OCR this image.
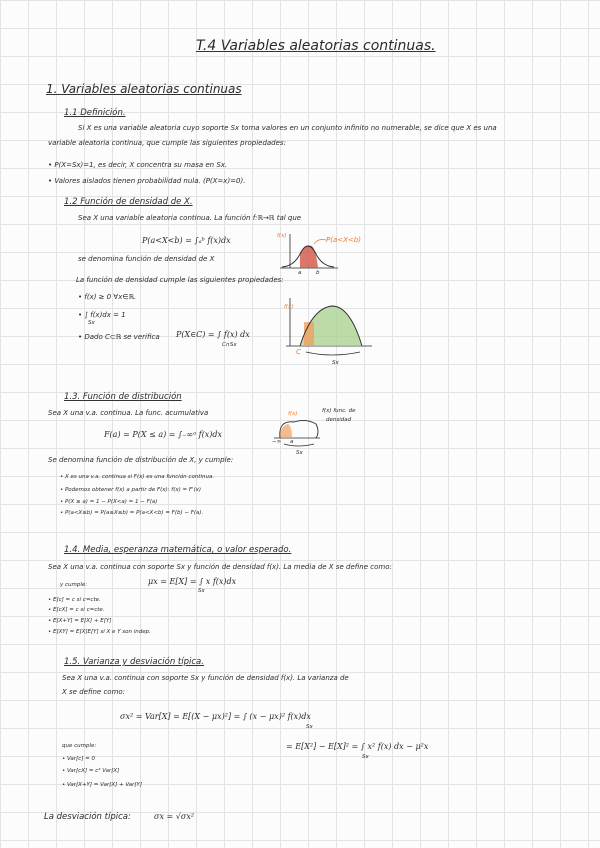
T.4 Variables aleatorias continuas.
1. Variables aleatorias continuas
1.1 Definición.
Si X es una variable aleatoria cuyo soporte Sx toma valores en un conjunto infinito no numerable, se dice que X es una
variable aleatoria continua, que cumple las siguientes propiedades:
• P(X=Sx)=1, es decir, X concentra su masa en Sx.
• Valores aislados tienen probabilidad nula. (P(X=x)=0).
1.2 Función de densidad de X.
Sea X una variable aleatoria continua. La función f:ℝ→ℝ tal que
P(a<X<b) = ∫ₐᵇ f(x)dx
se denomina función de densidad de X
La función de densidad cumple las siguientes propiedades:
• f(x) ≥ 0 ∀x∈ℝ.
• ∫ f(x)dx = 1
Sx
• Dado C⊂ℝ se verifica P(X∈C) = ∫ f(x) dx
C∩Sx
f(x)	P(a<X<b)
a	b
f(x)
C
Sx
1.3. Función de distribución
Sea X una v.a. continua. La func. acumulativa
F(a) = P(X ≤ a) = ∫₋∞ᵃ f(x)dx
Se denomina función de distribución de X, y cumple:
• X es una v.a. continua si F(x) es una función continua.
• Podemos obtener f(x) a partir de F(x): f(x) = F'(x)
• P(X ≥ a) = 1 − P(X<a) = 1 − F(a)
• P(a<X≤b) = P(a≤X≤b) = P(a<X<b) = F(b) − F(a).
f(x)	f(x) func. de
densidad
−∞ a
Sx
1.4. Media, esperanza matemática, o valor esperado.
Sea X una v.a. continua con soporte Sx y función de densidad f(x). La media de X se define como:
μx = E[X] = ∫ x f(x)dx
Sx
y cumple:
• E[c] = c si c=cte.
• E[cX] = c si c=cte.
• E[X+Y] = E[X] + E[Y]
• E[XY] = E[X]E[Y] si X e Y son indep.
1.5. Varianza y desviación típica.
Sea X una v.a. continua con soporte Sx y función de densidad f(x). La varianza de
X se define como:
σx² = Var[X] = E[(X − μx)²] = ∫ (x − μx)² f(x)dx
Sx
= E[X²] − E[X]² = ∫ x² f(x) dx − μ²x
Sx
que cumple:
• Var[c] = 0
• Var[cX] = c² Var[X]
• Var[X+Y] = Var[X] + Var[Y]
La desviación típica:	σx = √σx²
